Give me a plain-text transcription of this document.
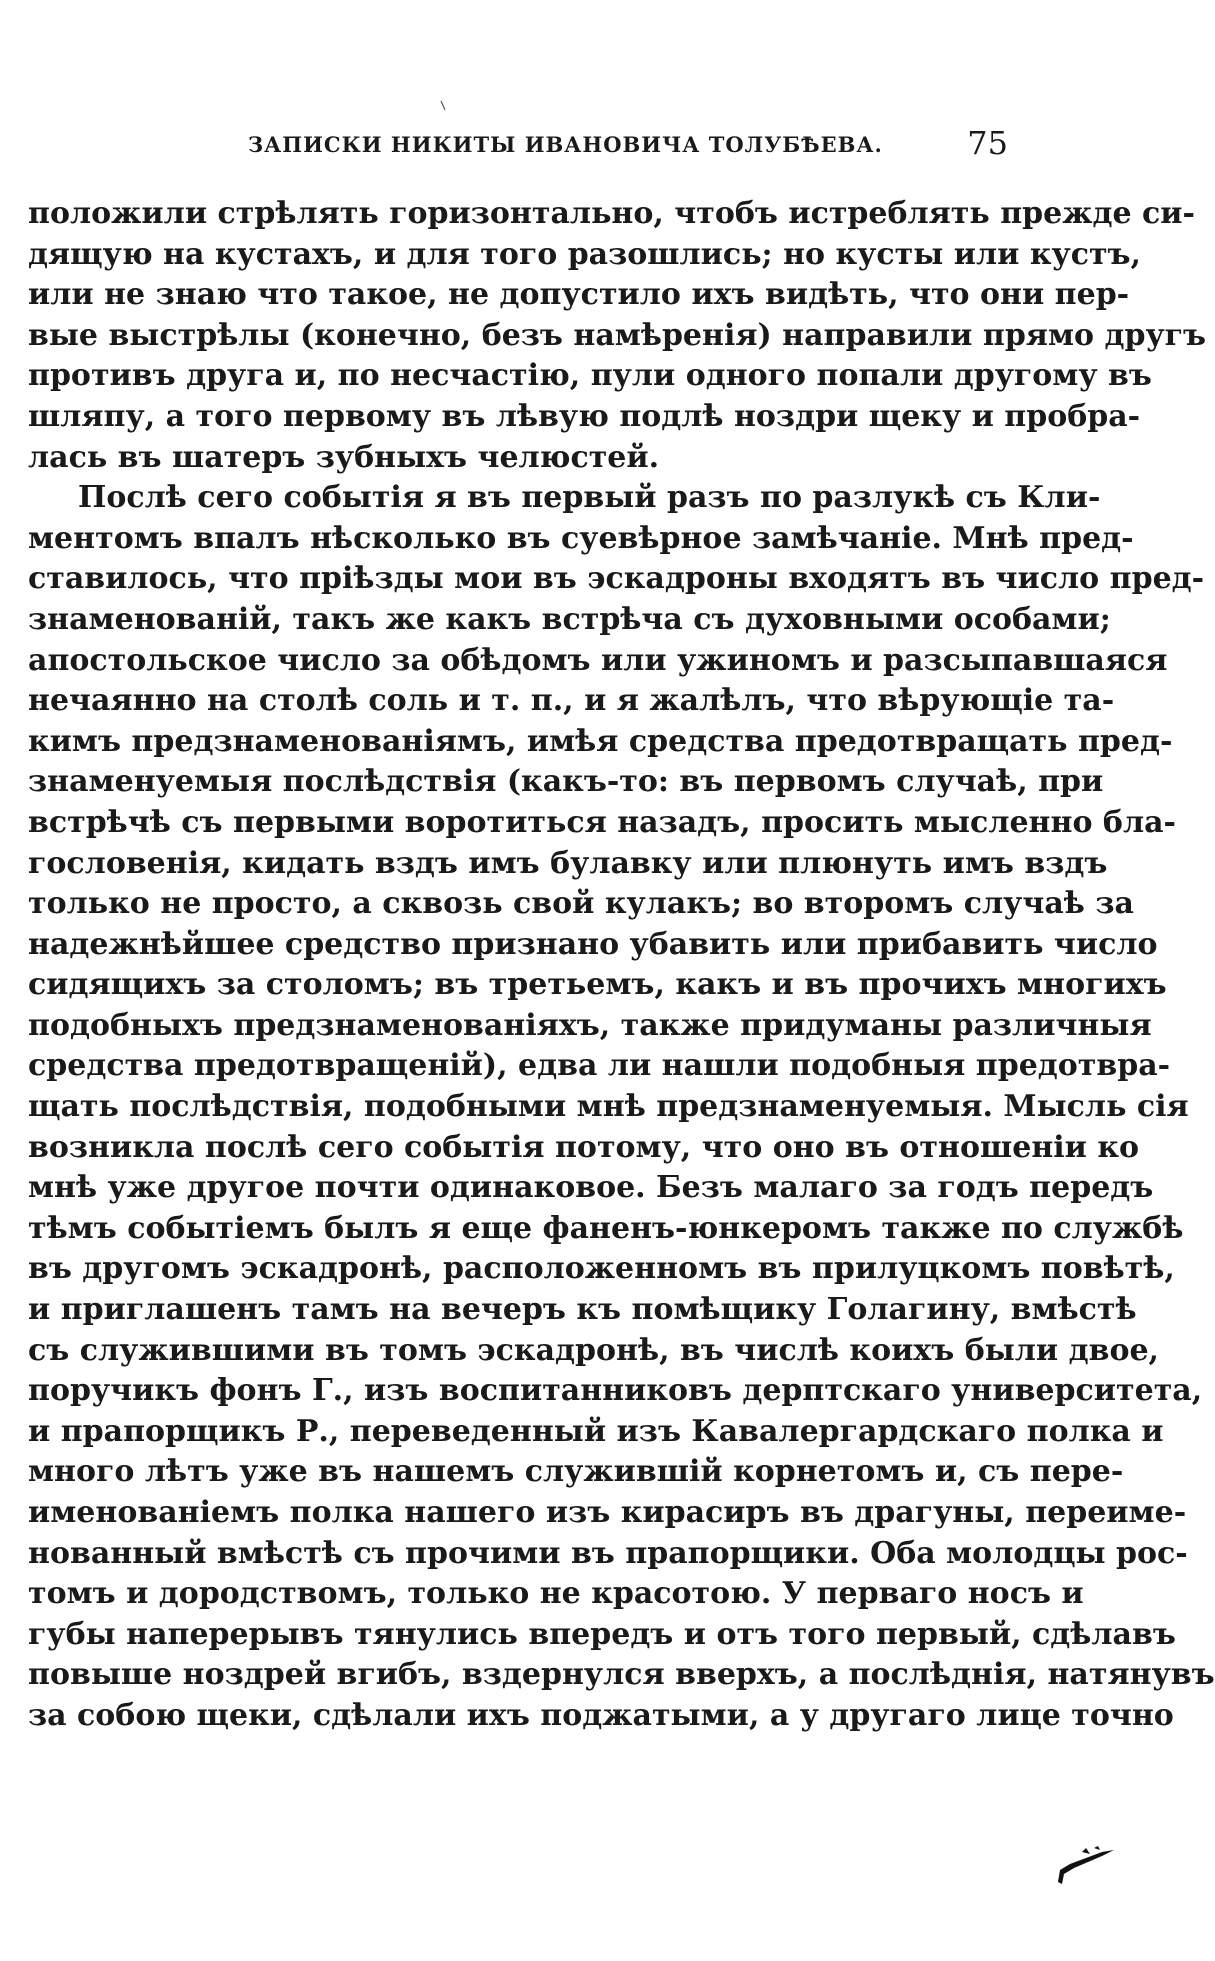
ЗАПИСКИ НИКИТЫ ИВАНОВИЧА ТОЛУБѢЕВА.	75
положили стрѣлять горизонтально, чтобъ истреблять прежде си-
дящую на кустахъ, и для того разошлись; но кусты или кустъ,
или не знаю что такое, не допустило ихъ видѣть, что они пер-
вые выстрѣлы (конечно, безъ намѣренія) направили прямо другъ
противъ друга и, по несчастію, пули одного попали другому въ
шляпу, а того первому въ лѣвую подлѣ ноздри щеку и пробра-
лась въ шатеръ зубныхъ челюстей.
Послѣ сего событія я въ первый разъ по разлукѣ съ Кли-
ментомъ впалъ нѣсколько въ суевѣрное замѣчаніе. Мнѣ пред-
ставилось, что пріѣзды мои въ эскадроны входятъ въ число пред-
знаменованій, такъ же какъ встрѣча съ духовными особами;
апостольское число за обѣдомъ или ужиномъ и разсыпавшаяся
нечаянно на столѣ соль и т. п., и я жалѣлъ, что вѣрующіе та-
кимъ предзнаменованіямъ, имѣя средства предотвращать пред-
знаменуемыя послѣдствія (какъ-то: въ первомъ случаѣ, при
встрѣчѣ съ первыми воротиться назадъ, просить мысленно бла-
гословенія, кидать вздъ имъ булавку или плюнуть имъ вздъ
только не просто, а сквозь свой кулакъ; во второмъ случаѣ за
надежнѣйшее средство признано убавить или прибавить число
сидящихъ за столомъ; въ третьемъ, какъ и въ прочихъ многихъ
подобныхъ предзнаменованіяхъ, также придуманы различныя
средства предотвращеній), едва ли нашли подобныя предотвра-
щать послѣдствія, подобными мнѣ предзнаменуемыя. Мысль сія
возникла послѣ сего событія потому, что оно въ отношеніи ко
мнѣ уже другое почти одинаковое. Безъ малаго за годъ передъ
тѣмъ событіемъ былъ я еще фаненъ-юнкеромъ также по службѣ
въ другомъ эскадронѣ, расположенномъ въ прилуцкомъ повѣтѣ,
и приглашенъ тамъ на вечеръ къ помѣщику Голагину, вмѣстѣ
съ служившими въ томъ эскадронѣ, въ числѣ коихъ были двое,
поручикъ фонъ Г., изъ воспитанниковъ дерптскаго университета,
и прапорщикъ Р., переведенный изъ Кавалергардскаго полка и
много лѣтъ уже въ нашемъ служившій корнетомъ и, съ пере-
именованіемъ полка нашего изъ кирасиръ въ драгуны, переиме-
нованный вмѣстѣ съ прочими въ прапорщики. Оба молодцы рос-
томъ и дородствомъ, только не красотою. У перваго носъ и
губы наперерывъ тянулись впередъ и отъ того первый, сдѣлавъ
повыше ноздрей вгибъ, вздернулся вверхъ, а послѣднія, натянувъ
за собою щеки, сдѣлали ихъ поджатыми, а у другаго лице точно
